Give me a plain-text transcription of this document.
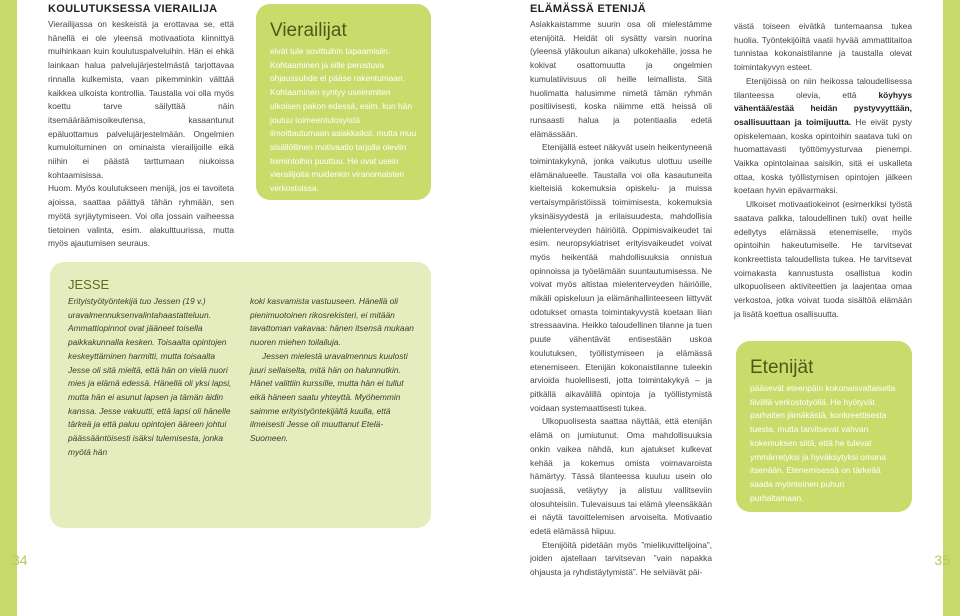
34
KOULUTUKSESSA VIERAILIJA

Vierailijassa on keskeistä ja erottavaa se, että hänellä ei ole yleensä motivaatiota kiinnittyä muihinkaan kuin koulutuspalveluihin. Hän ei ehkä lainkaan halua palvelujärjestelmästä tarjottavaa rinnalla kulkemista, vaan pikemminkin välttää kaikkea ulkoista kontrollia. Taustalla voi olla myös koettu tarve säilyttää näin itsemääräämisoikeutensa, kasaantunut epäluottamus palvelujärjestelmään. Ongelmien kumuloituminen on ominaista vierailijoille eikä niihin ei päästä tarttumaan niukoissa kohtaamisissa.

Huom. Myös koulutukseen menijä, jos ei tavoiteta ajoissa, saattaa päättyä tähän ryhmään, sen myötä syrjäytymiseen. Voi olla jossain vaiheessa tietoinen valinta, esim. alakulttuurissa, mutta myös ajautumisen seuraus.

Vierailijat

eivät tule sovittuihin tapaamisiin. Kohtaaminen ja sille perustuva ohjaussuhde ei pääse rakentumaan. Kohtaaminen syntyy useimmiten ulkoisen pakon edessä, esim. kun hän joutuu toimeentulosyistä ilmoittautumaan asiakkaiksi, mutta muu sisällöllinen motivaatio tarjolla oleviin toimintoihin puuttuu. He ovat usein vierailijoita muidenkin viranomaisten verkostoissa.

JESSE

Erityistyötyöntekijä tuo Jessen (19 v.) uravalmennuksenvalintahaastatteluun. Ammattiopinnot ovat jääneet toisella paikkakunnalla kesken. Toisaalta opintojen keskeyttäminen harmitti, mutta toisaalta Jesse oli sitä mieltä, että hän on vielä nuori mies ja elämä edessä. Hänellä oli yksi lapsi, mutta hän ei asunut lapsen ja tämän äidin kanssa. Jesse vakuutti, että lapsi oli hänelle tärkeä ja että paluu opintojen ääreen johtui päässääntöisesti isäksi tulemisesta, jonka myötä hän

koki kasvamista vastuuseen. Hänellä oli pienimuotoinen rikosrekisteri, ei mitään tavattoman vakavaa: hänen itsensä mukaan nuoren miehen toilailuja.

Jessen mielestä uravalmennus kuulosti juuri sellaiselta, mitä hän on halunnutkin. Hänet valittiin kurssille, mutta hän ei tullut eikä häneen saatu yhteyttä. Myöhemmin saimme erityistyöntekijältä kuulla, että ilmeisesti Jesse oli muuttanut Etelä-Suomeen.

35
ELÄMÄSSÄ ETENIJÄ

Asiakkaistamme suurin osa oli mielestämme etenijöitä. Heidät oli sysätty varsin nuorina (yleensä yläkoulun aikana) ulkokehälle, jossa he kokivat osattomuutta ja ongelmien kumulatiivisuus oli heille leimallista. Sitä huolimatta halusimme nimetä tämän ryhmän positiivisesti, koska näimme että heissä oli runsaasti halua ja potentiaalia edetä elämässään.

Etenijällä esteet näkyvät usein heikentyneenä toimintakykynä, jonka vaikutus ulottuu useille elämänalueelle. Taustalla voi olla kasautuneita kielteisiä kokemuksia opiskelu- ja muissa vertaisympäristöissä toimimisesta, kokemuksia yksinäisyydestä ja erilaisuudesta, mahdollisia mielenterveyden häiriöitä. Oppimisvaikeudet tai esim. neuropsykiatriset erityisvaikeudet voivat myös heikentää mahdollisuuksia onnistua opinnoissa ja työelämään suuntautumisessa. Ne voivat myös altistaa mielenterveyden häiriöille, mikäli opiskeluun ja elämänhallinteeseen liittyvät odotukset omasta toimintakyvystä koetaan liian stressaavina. Heikko taloudellinen tilanne ja tuen puute vähentävät entisestään uskoa koulutuksen, työllistymiseen ja elämässä etenemiseen. Etenijän kokonaistilanne tuleekin arvioida huolellisesti, jotta toimintakykyä – ja pitkällä aikavälillä opintoja ja työllistymistä voidaan systemaattisesti tukea.

Ulkopuolisesta saattaa näyttää, että etenijän elämä on jumiutunut. Oma mahdollisuuksia onkin vaikea nähdä, kun ajatukset kulkevat kehää ja kokemus omista voimavaroista hämärtyy. Tässä tilanteessa kuuluu usein olo suojassä, vetäytyy ja alistuu vallitseviin olosuhteisiin. Tulevaisuus tai elämä yleensäkään ei näytä tavoittelemisen arvoiselta. Motivaatio edetä elämässä hiipuu.

Etenijöitä pidetään myös ”mielikuvittelijoina”, joiden ajatellaan tarvitsevan ”vain napakka ohjausta ja ryhdistäytymistä”. He selviävät päi-

västä toiseen eivätkä tuntemaansa tukea huolia. Työntekijöiltä vaatii hyvää ammattitaitoa tunnistaa kokonaistilanne ja taustalla olevat toimintakyvyn esteet.

Etenijöissä on niin heikossa taloudellisessa tilanteessa olevia, että köyhyys vähentää/estää heidän pystyvyyttään, osallisuuttaan ja toimijuutta. He eivät pysty opiskelemaan, koska opintoihin saatava tuki on huomattavasti työttömyysturvaa pienempi. Vaikka opintolainaa saisikin, sitä ei uskalleta ottaa, koska työllistymisen opintojen jälkeen koetaan hyvin epävarmaksi.

Ulkoiset motivaatiokeinot (esimerkiksi työstä saatava palkka, taloudellinen tuki) ovat heille edellytys elämässä etenemiselle, myös opintoihin hakeutumiselle. He tarvitsevat konkreettista taloudellista tukea. He tarvitsevat voimakasta kannustusta osallistua kodin ulkopuoliseen aktiviteettien ja laajentaa omaa verkostoa, jotka voivat tuoda sisältöä elämään ja lisätä koettua osallisuutta.

Etenijät

pääsevät eteenpäin kokonaisvaltaisella tiiviillä verkostotyöllä. He hyötyvät parhaiten jämäkästä, konkreettisesta tuesta, mutta tarvitsevat vahvan kokemuksen siitä, että he tulevat ymmärretyksi ja hyväksytyksi omana itsenään. Etenemisessä on tärkeää saada myönteinen puhuri purhaltamaan.
